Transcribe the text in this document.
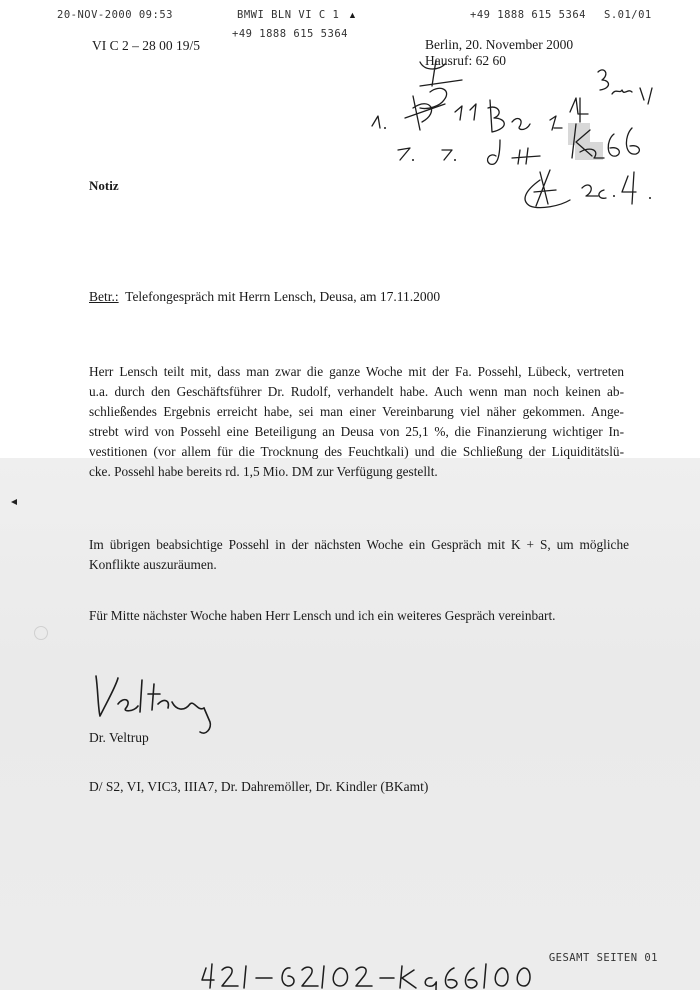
20-NOV-2000 09:53	BMWI BLN VI C 1 ▲	+49 1888 615 5364 S.01/01
+49 1888 615 5364
VI C 2 – 28 00 19/5	Berlin, 20. November 2000
Hausruf: 62 60
Notiz
Betr.: Telefongespräch mit Herrn Lensch, Deusa, am 17.11.2000
Herr Lensch teilt mit, dass man zwar die ganze Woche mit der Fa. Possehl, Lübeck, vertreten
u.a. durch den Geschäftsführer Dr. Rudolf, verhandelt habe. Auch wenn man noch keinen ab-
schließendes Ergebnis erreicht habe, sei man einer Vereinbarung viel näher gekommen. Ange-
strebt wird von Possehl eine Beteiligung an Deusa von 25,1 %, die Finanzierung wichtiger In-
vestitionen (vor allem für die Trocknung des Feuchtkali) und die Schließung der Liquiditätslü-
cke. Possehl habe bereits rd. 1,5 Mio. DM zur Verfügung gestellt.
Im übrigen beabsichtige Possehl in der nächsten Woche ein Gespräch mit K + S, um mögliche
Konflikte auszuräumen.
Für Mitte nächster Woche haben Herr Lensch und ich ein weiteres Gespräch vereinbart.
Dr. Veltrup
D/ S2, VI, VIC3, IIIA7, Dr. Dahremöller, Dr. Kindler (BKamt)
GESAMT SEITEN 01
